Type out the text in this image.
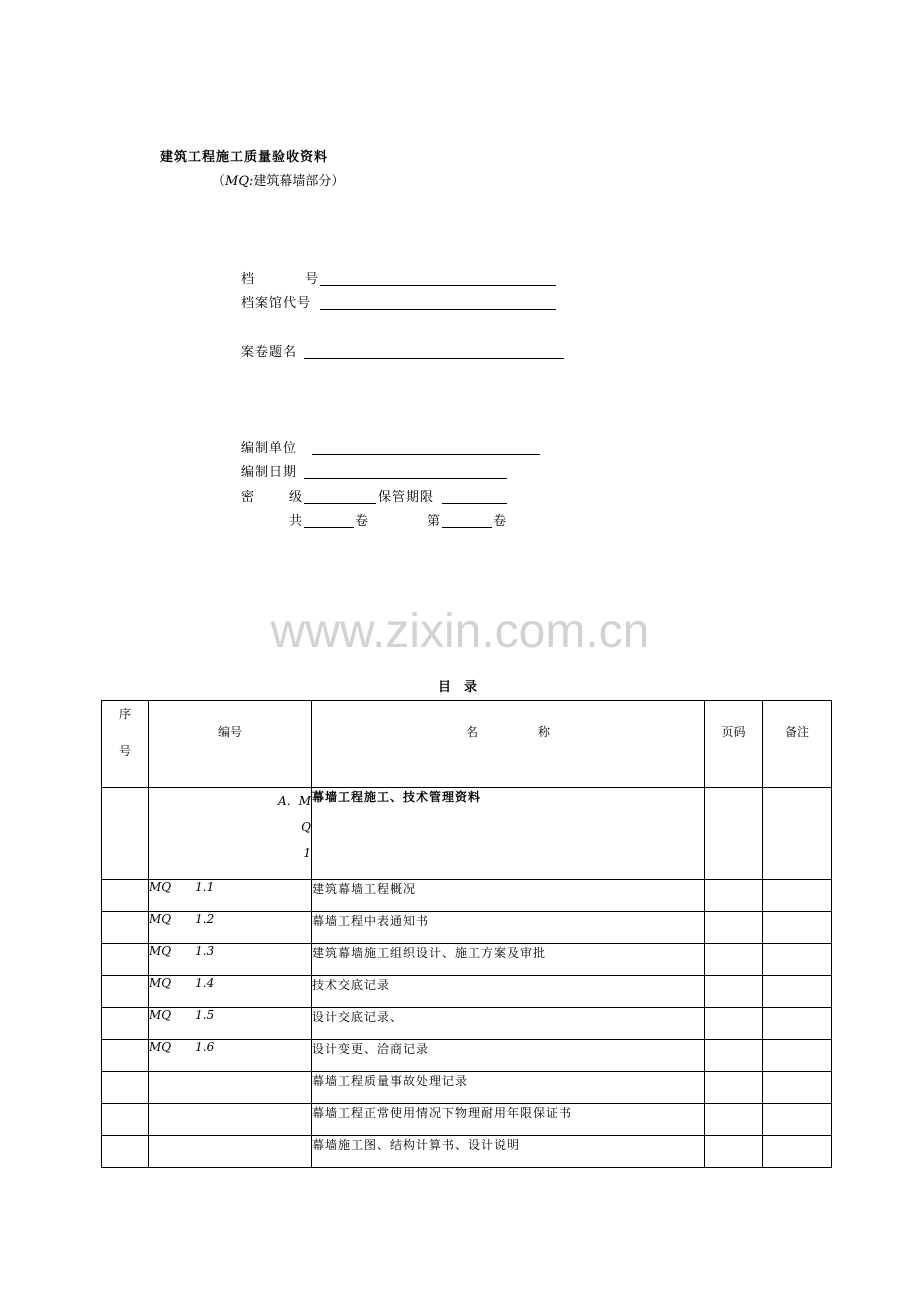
建筑工程施工质量验收资料
（MQ:建筑幕墙部分）
档	号
档案馆代号
案卷题名
编制单位
编制日期
密	级	保管期限
共	卷	第	卷
www.zixin.com.cn
目　录
序
号	编号	名 称	页码	备注

	A．M
Q
1	幕墙工程施工、技术管理资料		
	MQ 1.1	建筑幕墙工程概况		
	MQ 1.2	幕墙工程中表通知书		
	MQ 1.3	建筑幕墙施工组织设计、施工方案及审批		
	MQ 1.4	技术交底记录		
	MQ 1.5	设计交底记录、		
	MQ 1.6	设计变更、洽商记录		
		幕墙工程质量事故处理记录		
		幕墙工程正常使用情况下物理耐用年限保证书		
		幕墙施工图、结构计算书、设计说明		
